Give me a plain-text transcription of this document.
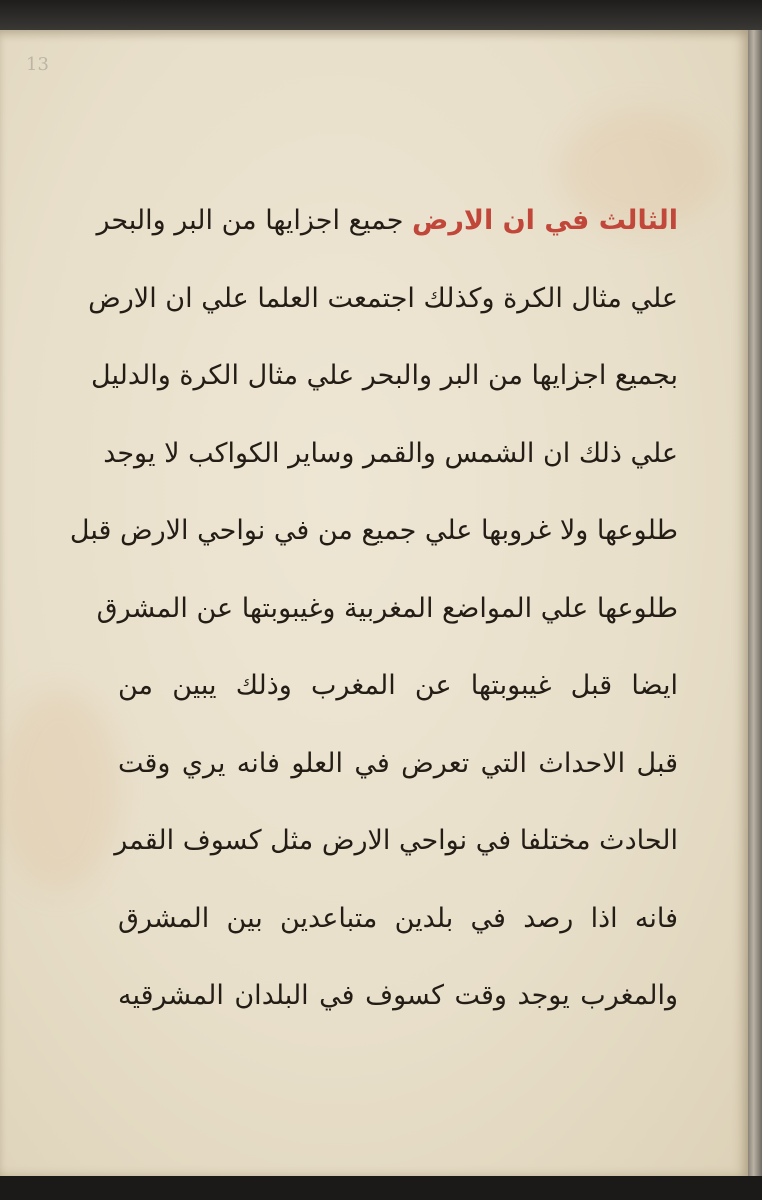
13
الثالث في ان الارض جميع اجزايها من البر والبحر
علي مثال الكرة وكذلك اجتمعت العلما علي ان الارض
بجميع اجزايها من البر والبحر علي مثال الكرة والدليل
علي ذلك ان الشمس والقمر وساير الكواكب لا يوجد
طلوعها ولا غروبها علي جميع من في نواحي الارض قبل
طلوعها علي المواضع المغربية وغيبوبتها عن المشرق
ايضا قبل غيبوبتها عن المغرب وذلك يبين من
قبل الاحداث التي تعرض في العلو فانه يري وقت
الحادث مختلفا في نواحي الارض مثل كسوف القمر
فانه اذا رصد في بلدين متباعدين بين المشرق
والمغرب يوجد وقت كسوف في البلدان المشرقيه
